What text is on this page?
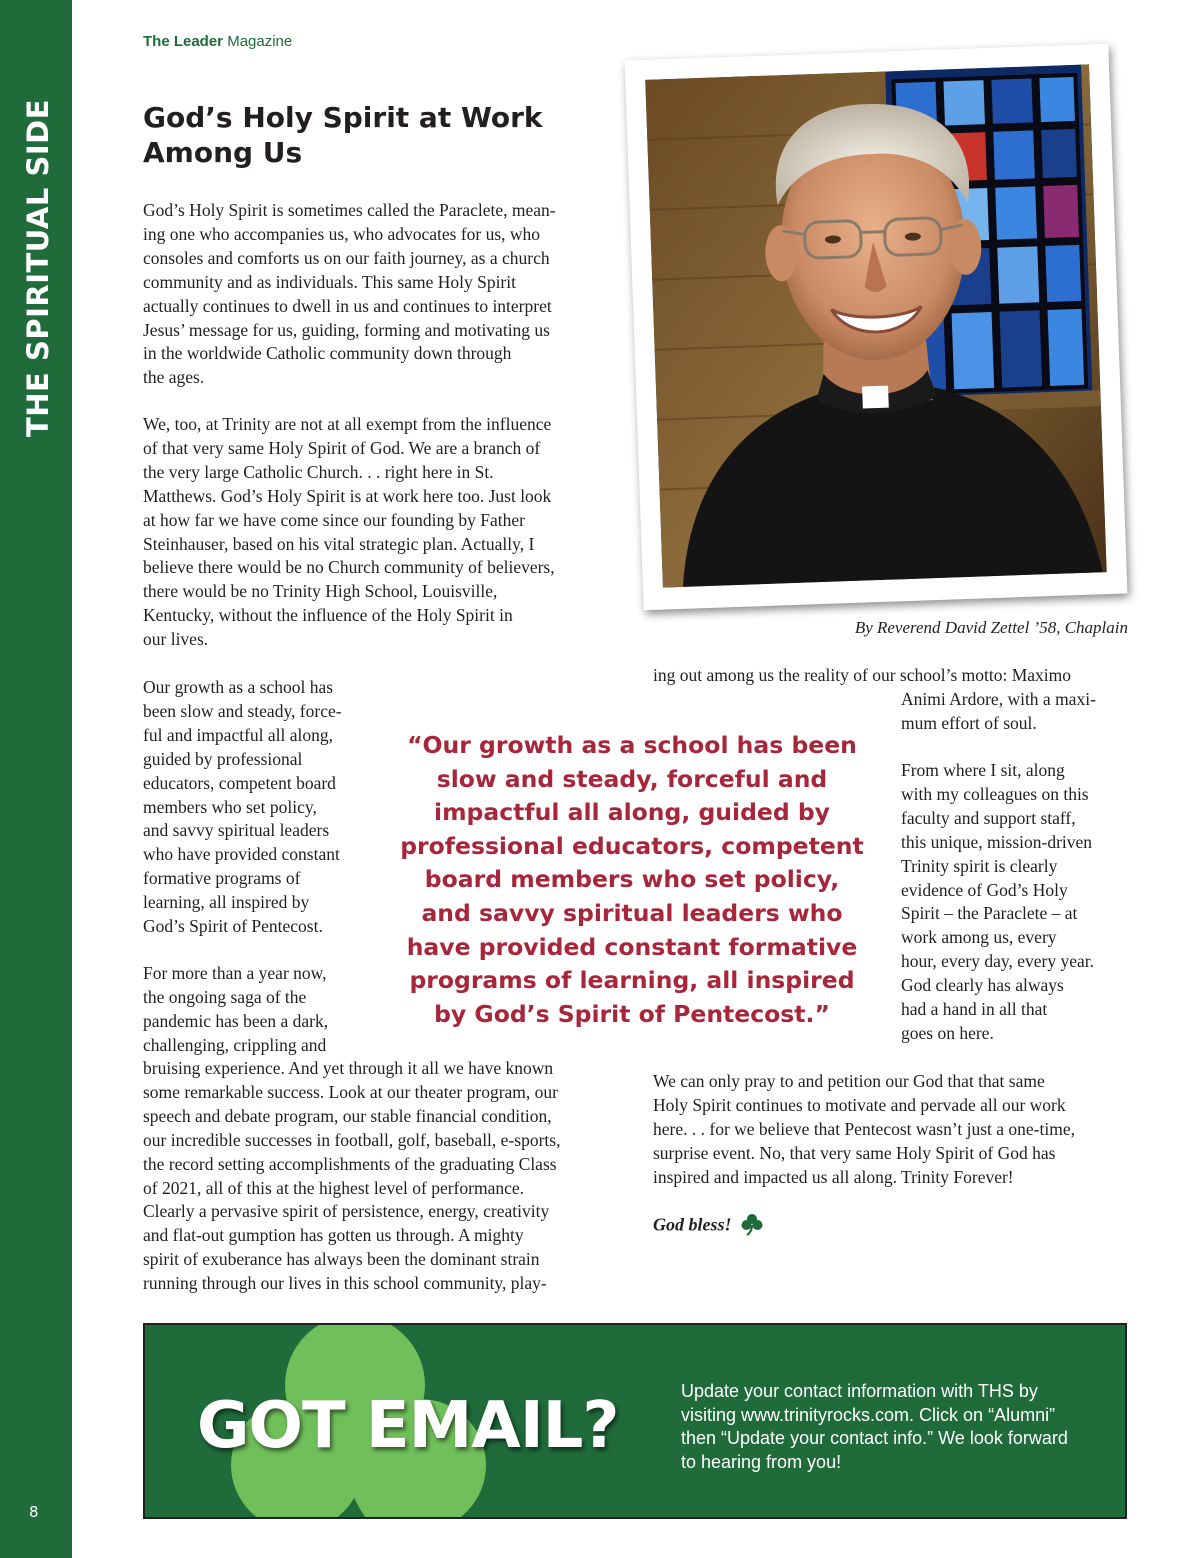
THE SPIRITUAL SIDE
8
The Leader Magazine
God’s Holy Spirit at Work
Among Us

God’s Holy Spirit is sometimes called the Paraclete, mean-
ing one who accompanies us, who advocates for us, who
consoles and comforts us on our faith journey, as a church
community and as individuals. This same Holy Spirit
actually continues to dwell in us and continues to interpret
Jesus’ message for us, guiding, forming and motivating us
in the worldwide Catholic community down through
the ages.

We, too, at Trinity are not at all exempt from the influence
of that very same Holy Spirit of God. We are a branch of
the very large Catholic Church. . . right here in St.
Matthews. God’s Holy Spirit is at work here too. Just look
at how far we have come since our founding by Father
Steinhauser, based on his vital strategic plan. Actually, I
believe there would be no Church community of believers,
there would be no Trinity High School, Louisville,
Kentucky, without the influence of the Holy Spirit in
our lives.

Our growth as a school has
been slow and steady, force-
ful and impactful all along,
guided by professional
educators, competent board
members who set policy,
and savvy spiritual leaders
who have provided constant
formative programs of
learning, all inspired by
God’s Spirit of Pentecost.

For more than a year now,
the ongoing saga of the
pandemic has been a dark,
challenging, crippling and

bruising experience. And yet through it all we have known
some remarkable success. Look at our theater program, our
speech and debate program, our stable financial condition,
our incredible successes in football, golf, baseball, e-sports,
the record setting accomplishments of the graduating Class
of 2021, all of this at the highest level of performance.
Clearly a pervasive spirit of persistence, energy, creativity
and flat-out gumption has gotten us through. A mighty
spirit of exuberance has always been the dominant strain
running through our lives in this school community, play-

By Reverend David Zettel ’58, Chaplain

“Our growth as a school has been
slow and steady, forceful and
impactful all along, guided by
professional educators, competent
board members who set policy,
and savvy spiritual leaders who
have provided constant formative
programs of learning, all inspired
by God’s Spirit of Pentecost.”

ing out among us the reality of our school’s motto: Maximo

Animi Ardore, with a maxi-
mum effort of soul.

From where I sit, along
with my colleagues on this
faculty and support staff,
this unique, mission-driven
Trinity spirit is clearly
evidence of God’s Holy
Spirit – the Paraclete – at
work among us, every
hour, every day, every year.
God clearly has always
had a hand in all that
goes on here.

We can only pray to and petition our God that that same
Holy Spirit continues to motivate and pervade all our work
here. . . for we believe that Pentecost wasn’t just a one-time,
surprise event. No, that very same Holy Spirit of God has
inspired and impacted us all along. Trinity Forever!

God bless!
GOT EMAIL?	Update your contact information with THS by
visiting www.trinityrocks.com. Click on “Alumni”
then “Update your contact info.” We look forward
to hearing from you!
